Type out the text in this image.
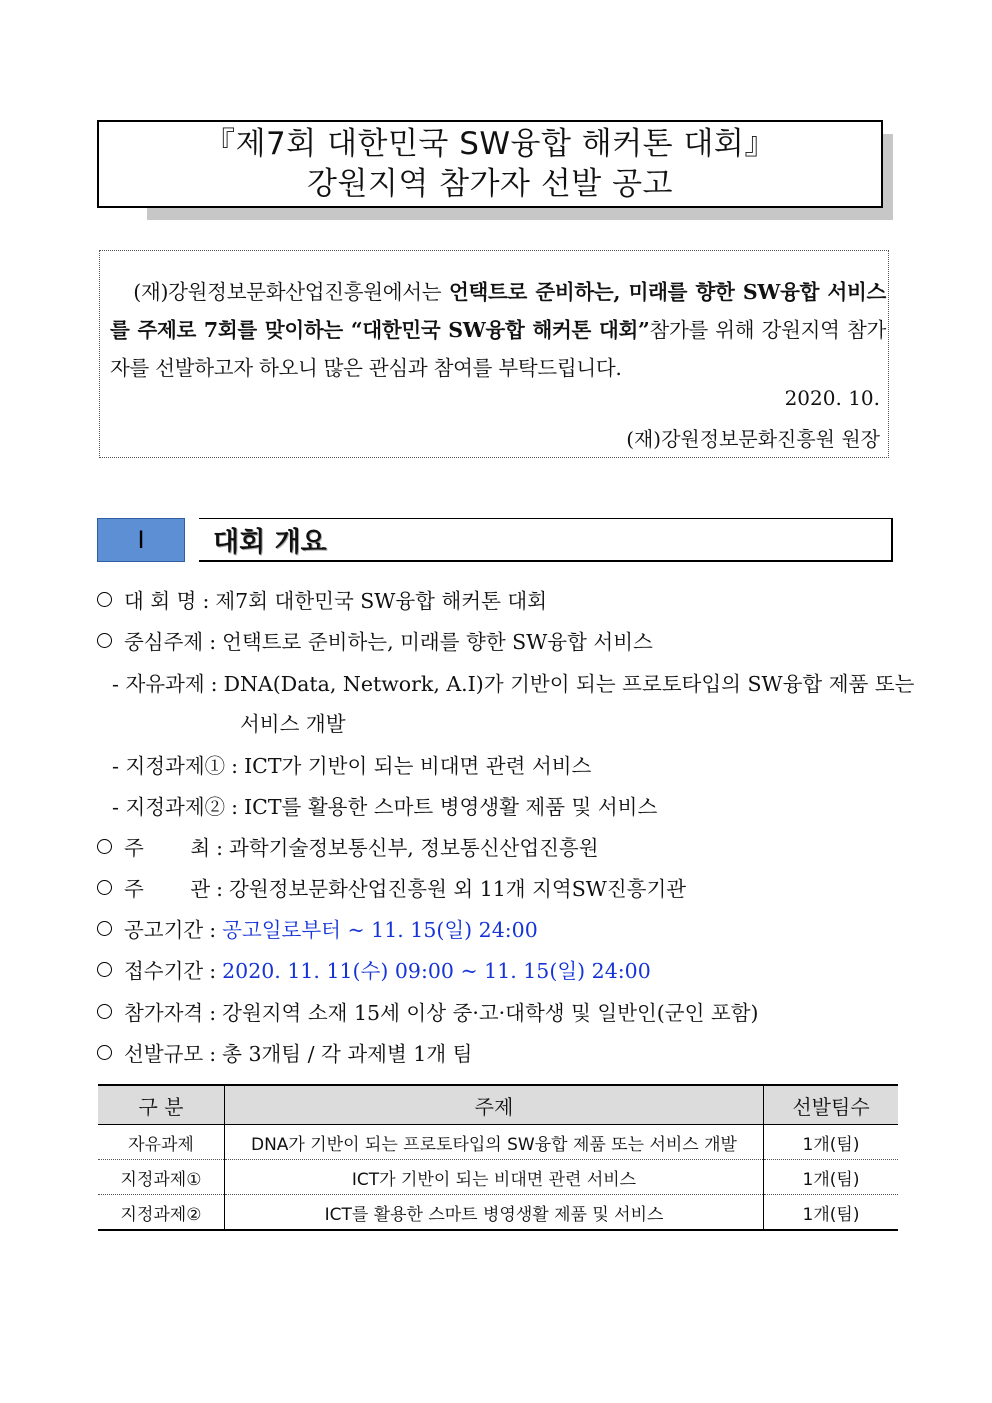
『제7회 대한민국 SW융합 해커톤 대회』
강원지역 참가자 선발 공고
(재)강원정보문화산업진흥원에서는 언택트로 준비하는, 미래를 향한 SW융합 서비스를 주제로 7회를 맞이하는 “대한민국 SW융합 해커톤 대회”참가를 위해 강원지역 참가자를 선발하고자 하오니 많은 관심과 참여를 부탁드립니다.
2020. 10.
(재)강원정보문화진흥원 원장
Ⅰ	대회 개요
대 회 명 : 제7회 대한민국 SW융합 해커톤 대회
중심주제 : 언택트로 준비하는, 미래를 향한 SW융합 서비스
- 자유과제 : DNA(Data, Network, A.I)가 기반이 되는 프로토타입의 SW융합 제품 또는
서비스 개발
- 지정과제① : ICT가 기반이 되는 비대면 관련 서비스
- 지정과제② : ICT를 활용한 스마트 병영생활 제품 및 서비스
주 최 : 과학기술정보통신부, 정보통신산업진흥원
주 관 : 강원정보문화산업진흥원 외 11개 지역SW진흥기관
공고기간 : 공고일로부터 ~ 11. 15(일) 24:00
접수기간 : 2020. 11. 11(수) 09:00 ~ 11. 15(일) 24:00
참가자격 : 강원지역 소재 15세 이상 중·고·대학생 및 일반인(군인 포함)
선발규모 : 총 3개팀 / 각 과제별 1개 팀
구 분	주제	선발팀수
자유과제	DNA가 기반이 되는 프로토타입의 SW융합 제품 또는 서비스 개발	1개(팀)
지정과제①	ICT가 기반이 되는 비대면 관련 서비스	1개(팀)
지정과제②	ICT를 활용한 스마트 병영생활 제품 및 서비스	1개(팀)
